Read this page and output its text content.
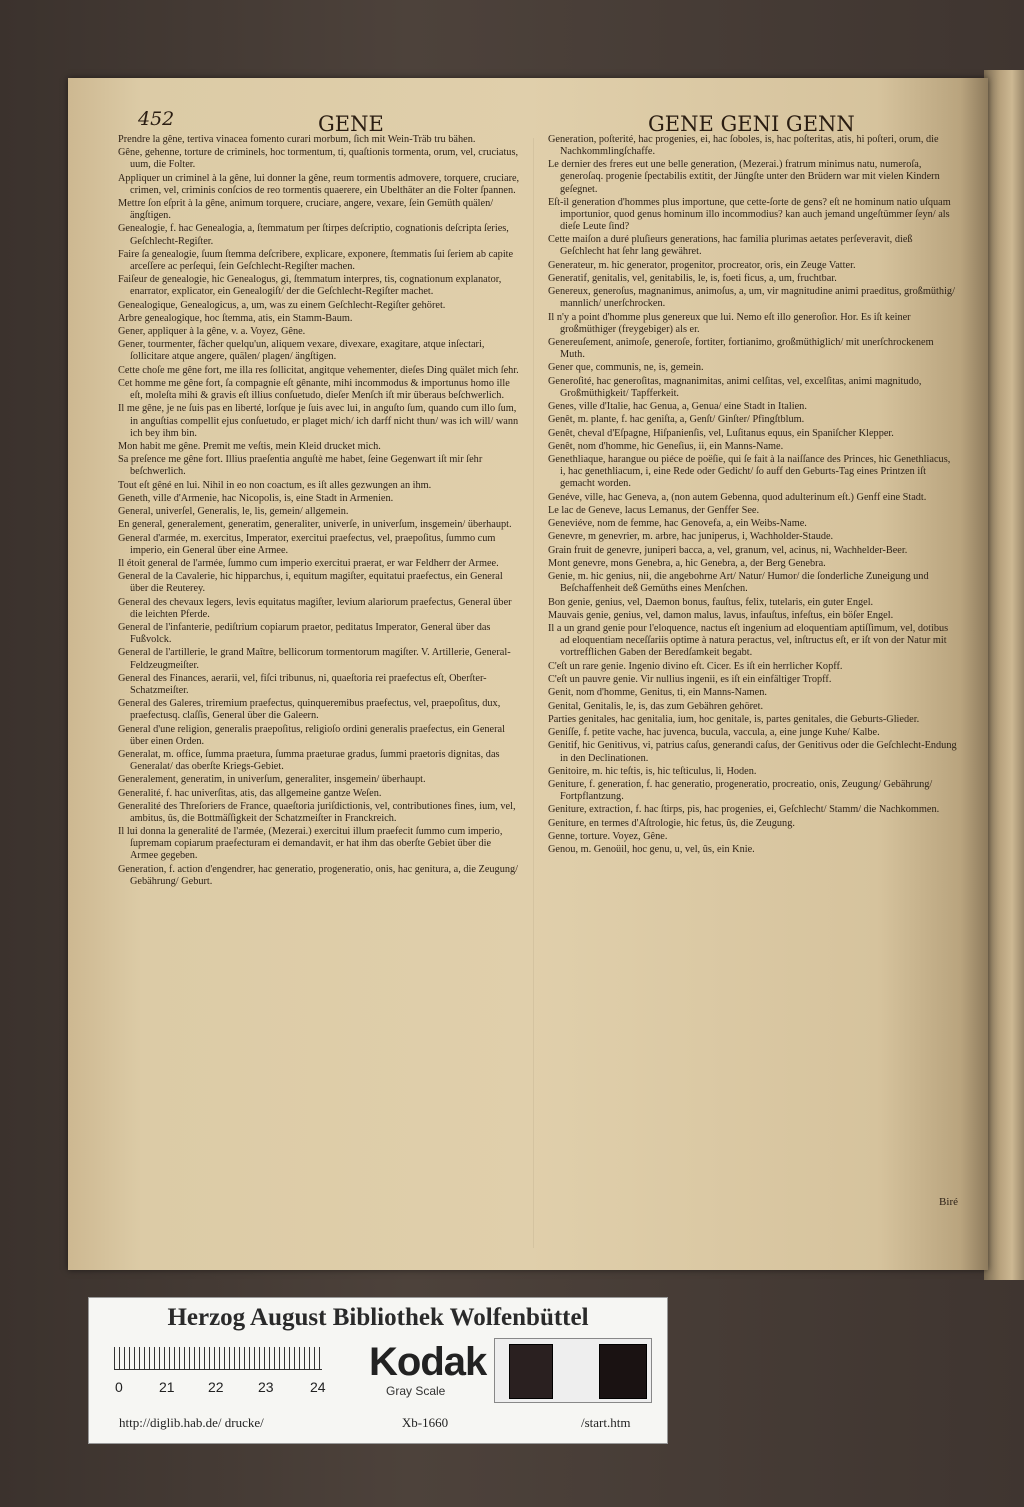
452	GENE	GENE GENI GENN

Prendre la gêne, tertiva vinacea fomento curari morbum, ſich mit Wein-Träb tru bähen.

Gêne, gehenne, torture de criminels, hoc tormentum, ti, quaſtionis tormenta, orum, vel, cruciatus, uum, die Folter.

Appliquer un criminel à la gêne, lui donner la gêne, reum tormentis admovere, torquere, cruciare, crimen, vel, criminis conſcios de reo tormentis quaerere, ein Ubelthäter an die Folter ſpannen.

Mettre ſon eſprit à la gêne, animum torquere, cruciare, angere, vexare, ſein Gemüth quälen/ ängſtigen.

Genealogie, f. hac Genealogia, a, ſtemmatum per ſtirpes deſcriptio, cognationis deſcripta ſeries, Geſchlecht-Regiſter.

Faire ſa genealogie, ſuum ſtemma deſcribere, explicare, exponere, ſtemmatis ſui ſeriem ab capite arceſſere ac perſequi, ſein Geſchlecht-Regiſter machen.

Faiſeur de genealogie, hic Genealogus, gi, ſtemmatum interpres, tis, cognationum explanator, enarrator, explicator, ein Genealogiſt/ der die Geſchlecht-Regiſter machet.

Genealogique, Genealogicus, a, um, was zu einem Geſchlecht-Regiſter gehöret.

Arbre genealogique, hoc ſtemma, atis, ein Stamm-Baum.

Gener, appliquer à la gêne, v. a. Voyez, Gêne.

Gener, tourmenter, fâcher quelqu'un, aliquem vexare, divexare, exagitare, atque inſectari, ſollicitare atque angere, quälen/ plagen/ ängſtigen.

Cette choſe me gêne fort, me illa res ſollicitat, angitque vehementer, dieſes Ding quälet mich ſehr.

Cet homme me gêne fort, ſa compagnie eſt gênante, mihi incommodus & importunus homo ille eſt, moleſta mihi & gravis eſt illius conſuetudo, dieſer Menſch iſt mir überaus beſchwerlich.

Il me gêne, je ne ſuis pas en liberté, lorſque je ſuis avec lui, in anguſto ſum, quando cum illo ſum, in anguſtias compellit ejus conſuetudo, er plaget mich/ ich darff nicht thun/ was ich will/ wann ich bey ihm bin.

Mon habit me gêne. Premit me veſtis, mein Kleid drucket mich.

Sa preſence me gêne fort. Illius praeſentia anguſtè me habet, ſeine Gegenwart iſt mir ſehr beſchwerlich.

Tout eſt gêné en lui. Nihil in eo non coactum, es iſt alles gezwungen an ihm.

Geneth, ville d'Armenie, hac Nicopolis, is, eine Stadt in Armenien.

General, univerſel, Generalis, le, lis, gemein/ allgemein.

En general, generalement, generatim, generaliter, univerſe, in univerſum, insgemein/ überhaupt.

General d'armée, m. exercitus, Imperator, exercitui praefectus, vel, praepoſitus, ſummo cum imperio, ein General über eine Armee.

Il étoit general de l'armée, ſummo cum imperio exercitui praerat, er war Feldherr der Armee.

General de la Cavalerie, hic hipparchus, i, equitum magiſter, equitatui praefectus, ein General über die Reuterey.

General des chevaux legers, levis equitatus magiſter, levium alariorum praefectus, General über die leichten Pferde.

General de l'infanterie, pediſtrium copiarum praetor, peditatus Imperator, General über das Fußvolck.

General de l'artillerie, le grand Maître, bellicorum tormentorum magiſter. V. Artillerie, General-Feldzeugmeiſter.

General des Finances, aerarii, vel, fiſci tribunus, ni, quaeſtoria rei praefectus eſt, Oberſter-Schatzmeiſter.

General des Galeres, triremium praefectus, quinqueremibus praefectus, vel, praepoſitus, dux, praefectusq. claſſis, General über die Galeern.

General d'une religion, generalis praepoſitus, religioſo ordini generalis praefectus, ein General über einen Orden.

Generalat, m. office, ſumma praetura, ſumma praeturae gradus, ſummi praetoris dignitas, das Generalat/ das oberſte Kriegs-Gebiet.

Generalement, generatim, in univerſum, generaliter, insgemein/ überhaupt.

Generalité, f. hac univerſitas, atis, das allgemeine gantze Weſen.

Generalité des Threſoriers de France, quaeſtoria juriſdictionis, vel, contributiones fines, ium, vel, ambitus, ûs, die Bottmäſſigkeit der Schatzmeiſter in Franckreich.

Il lui donna la generalité de l'armée, (Mezerai.) exercitui illum praefecit ſummo cum imperio, ſupremam copiarum praefecturam ei demandavit, er hat ihm das oberſte Gebiet über die Armee gegeben.

Generation, f. action d'engendrer, hac generatio, progeneratio, onis, hac genitura, a, die Zeugung/ Gebährung/ Geburt.

Generation, poſterité, hac progenies, ei, hac ſoboles, is, hac poſteritas, atis, hi poſteri, orum, die Nachkommlingſchaffe.

Le dernier des freres eut une belle generation, (Mezerai.) fratrum minimus natu, numeroſa, generoſaq. progenie ſpectabilis extitit, der Jüngſte unter den Brüdern war mit vielen Kindern geſegnet.

Eſt-il generation d'hommes plus importune, que cette-ſorte de gens? eſt ne hominum natio uſquam importunior, quod genus hominum illo incommodius? kan auch jemand ungeſtümmer ſeyn/ als dieſe Leute ſind?

Cette maiſon a duré pluſieurs generations, hac familia plurimas aetates perſeveravit, dieß Geſchlecht hat ſehr lang gewähret.

Generateur, m. hic generator, progenitor, procreator, oris, ein Zeuge Vatter.

Generatif, genitalis, vel, genitabilis, le, is, foeti ficus, a, um, fruchtbar.

Genereux, generoſus, magnanimus, animoſus, a, um, vir magnitudine animi praeditus, großmüthig/ mannlich/ unerſchrocken.

Il n'y a point d'homme plus genereux que lui. Nemo eſt illo generoſior. Hor. Es iſt keiner großmüthiger (freygebiger) als er.

Genereuſement, animoſe, generoſe, fortiter, fortianimo, großmüthiglich/ mit unerſchrockenem Muth.

Gener que, communis, ne, is, gemein.

Generoſité, hac generoſitas, magnanimitas, animi celſitas, vel, excelſitas, animi magnitudo, Großmüthigkeit/ Tapfferkeit.

Genes, ville d'Italie, hac Genua, a, Genua/ eine Stadt in Italien.

Genêt, m. plante, f. hac geniſta, a, Genſt/ Ginſter/ Pfingſtblum.

Genêt, cheval d'Eſpagne, Hiſpanienſis, vel, Luſitanus equus, ein Spaniſcher Klepper.

Genêt, nom d'homme, hic Geneſius, ii, ein Manns-Name.

Genethliaque, harangue ou piéce de poëſie, qui ſe fait à la naiſſance des Princes, hic Genethliacus, i, hac genethliacum, i, eine Rede oder Gedicht/ ſo auff den Geburts-Tag eines Printzen iſt gemacht worden.

Genéve, ville, hac Geneva, a, (non autem Gebenna, quod adulterinum eſt.) Genff eine Stadt.

Le lac de Geneve, lacus Lemanus, der Genffer See.

Geneviéve, nom de femme, hac Genovefa, a, ein Weibs-Name.

Genevre, m genevrier, m. arbre, hac juniperus, i, Wachholder-Staude.

Grain fruit de genevre, juniperi bacca, a, vel, granum, vel, acinus, ni, Wachhelder-Beer.

Mont genevre, mons Genebra, a, hic Genebra, a, der Berg Genebra.

Genie, m. hic genius, nii, die angebohrne Art/ Natur/ Humor/ die ſonderliche Zuneigung und Beſchaffenheit deß Gemüths eines Menſchen.

Bon genie, genius, vel, Daemon bonus, fauſtus, felix, tutelaris, ein guter Engel.

Mauvais genie, genius, vel, damon malus, lavus, infauſtus, infeſtus, ein böſer Engel.

Il a un grand genie pour l'eloquence, nactus eſt ingenium ad eloquentiam aptiſſimum, vel, dotibus ad eloquentiam neceſſariis optime à natura peractus, vel, inſtructus eſt, er iſt von der Natur mit vortrefflichen Gaben der Beredſamkeit begabt.

C'eſt un rare genie. Ingenio divino eſt. Cicer. Es iſt ein herrlicher Kopff.

C'eſt un pauvre genie. Vir nullius ingenii, es iſt ein einfältiger Tropff.

Genit, nom d'homme, Genitus, ti, ein Manns-Namen.

Genital, Genitalis, le, is, das zum Gebähren gehöret.

Parties genitales, hac genitalia, ium, hoc genitale, is, partes genitales, die Geburts-Glieder.

Geniſſe, f. petite vache, hac juvenca, bucula, vaccula, a, eine junge Kuhe/ Kalbe.

Genitif, hic Genitivus, vi, patrius caſus, generandi caſus, der Genitivus oder die Geſchlecht-Endung in den Declinationen.

Genitoire, m. hic teſtis, is, hic teſticulus, li, Hoden.

Geniture, f. generation, f. hac generatio, progeneratio, procreatio, onis, Zeugung/ Gebährung/ Fortpflantzung.

Geniture, extraction, f. hac ſtirps, pis, hac progenies, ei, Geſchlecht/ Stamm/ die Nachkommen.

Geniture, en termes d'Aſtrologie, hic fetus, ûs, die Zeugung.

Genne, torture. Voyez, Gêne.

Genou, m. Genoüil, hoc genu, u, vel, ûs, ein Knie.

Biré
Herzog August Bibliothek Wolfenbüttel
0	21 22 23	24
Kodak
Gray Scale
http://diglib.hab.de/ drucke/	Xb-1660	/start.htm
